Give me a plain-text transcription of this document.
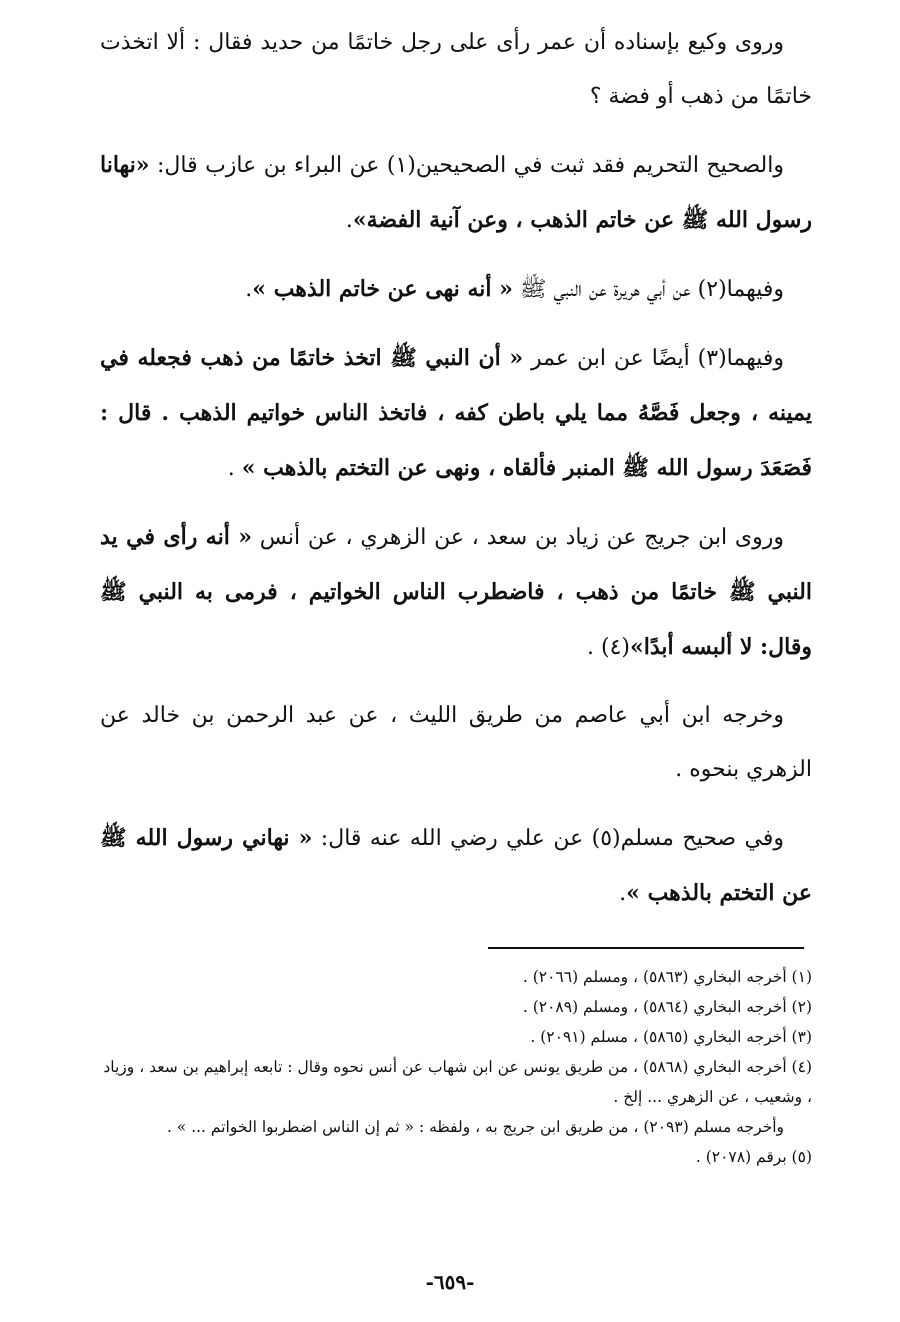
وروى وكيع بإسناده أن عمر رأى على رجل خاتمًا من حديد فقال : ألا اتخذت خاتمًا من ذهب أو فضة ؟

والصحيح التحريم فقد ثبت في الصحيحين(١) عن البراء بن عازب قال: «نهانا رسول الله ﷺ عن خاتم الذهب ، وعن آنية الفضة».

وفيهما(٢) عن أبي هريرة عن النبي ﷺ « أنه نهى عن خاتم الذهب ».

وفيهما(٣) أيضًا عن ابن عمر « أن النبي ﷺ اتخذ خاتمًا من ذهب فجعله في يمينه ، وجعل فَصَّهُ مما يلي باطن كفه ، فاتخذ الناس خواتيم الذهب . قال : فَصَعَدَ رسول الله ﷺ المنبر فألقاه ، ونهى عن التختم بالذهب » .

وروى ابن جريج عن زياد بن سعد ، عن الزهري ، عن أنس « أنه رأى في يد النبي ﷺ خاتمًا من ذهب ، فاضطرب الناس الخواتيم ، فرمى به النبي ﷺ وقال: لا ألبسه أبدًا»(٤) .

وخرجه ابن أبي عاصم من طريق الليث ، عن عبد الرحمن بن خالد عن الزهري بنحوه .

وفي صحيح مسلم(٥) عن علي رضي الله عنه قال: « نهاني رسول الله ﷺ عن التختم بالذهب ».

(١) أخرجه البخاري (٥٨٦٣) ، ومسلم (٢٠٦٦) .

(٢) أخرجه البخاري (٥٨٦٤) ، ومسلم (٢٠٨٩) .

(٣) أخرجه البخاري (٥٨٦٥) ، مسلم (٢٠٩١) .

(٤) أخرجه البخاري (٥٨٦٨) ، من طريق يونس عن ابن شهاب عن أنس نحوه وقال : تابعه إبراهيم بن سعد ، وزياد ، وشعيب ، عن الزهري ... إلخ .

وأخرجه مسلم (٢٠٩٣) ، من طريق ابن جريج به ، ولفظه : « ثم إن الناس اضطربوا الخواتم ... » .

(٥) برقم (٢٠٧٨) .

-٦٥٩-
